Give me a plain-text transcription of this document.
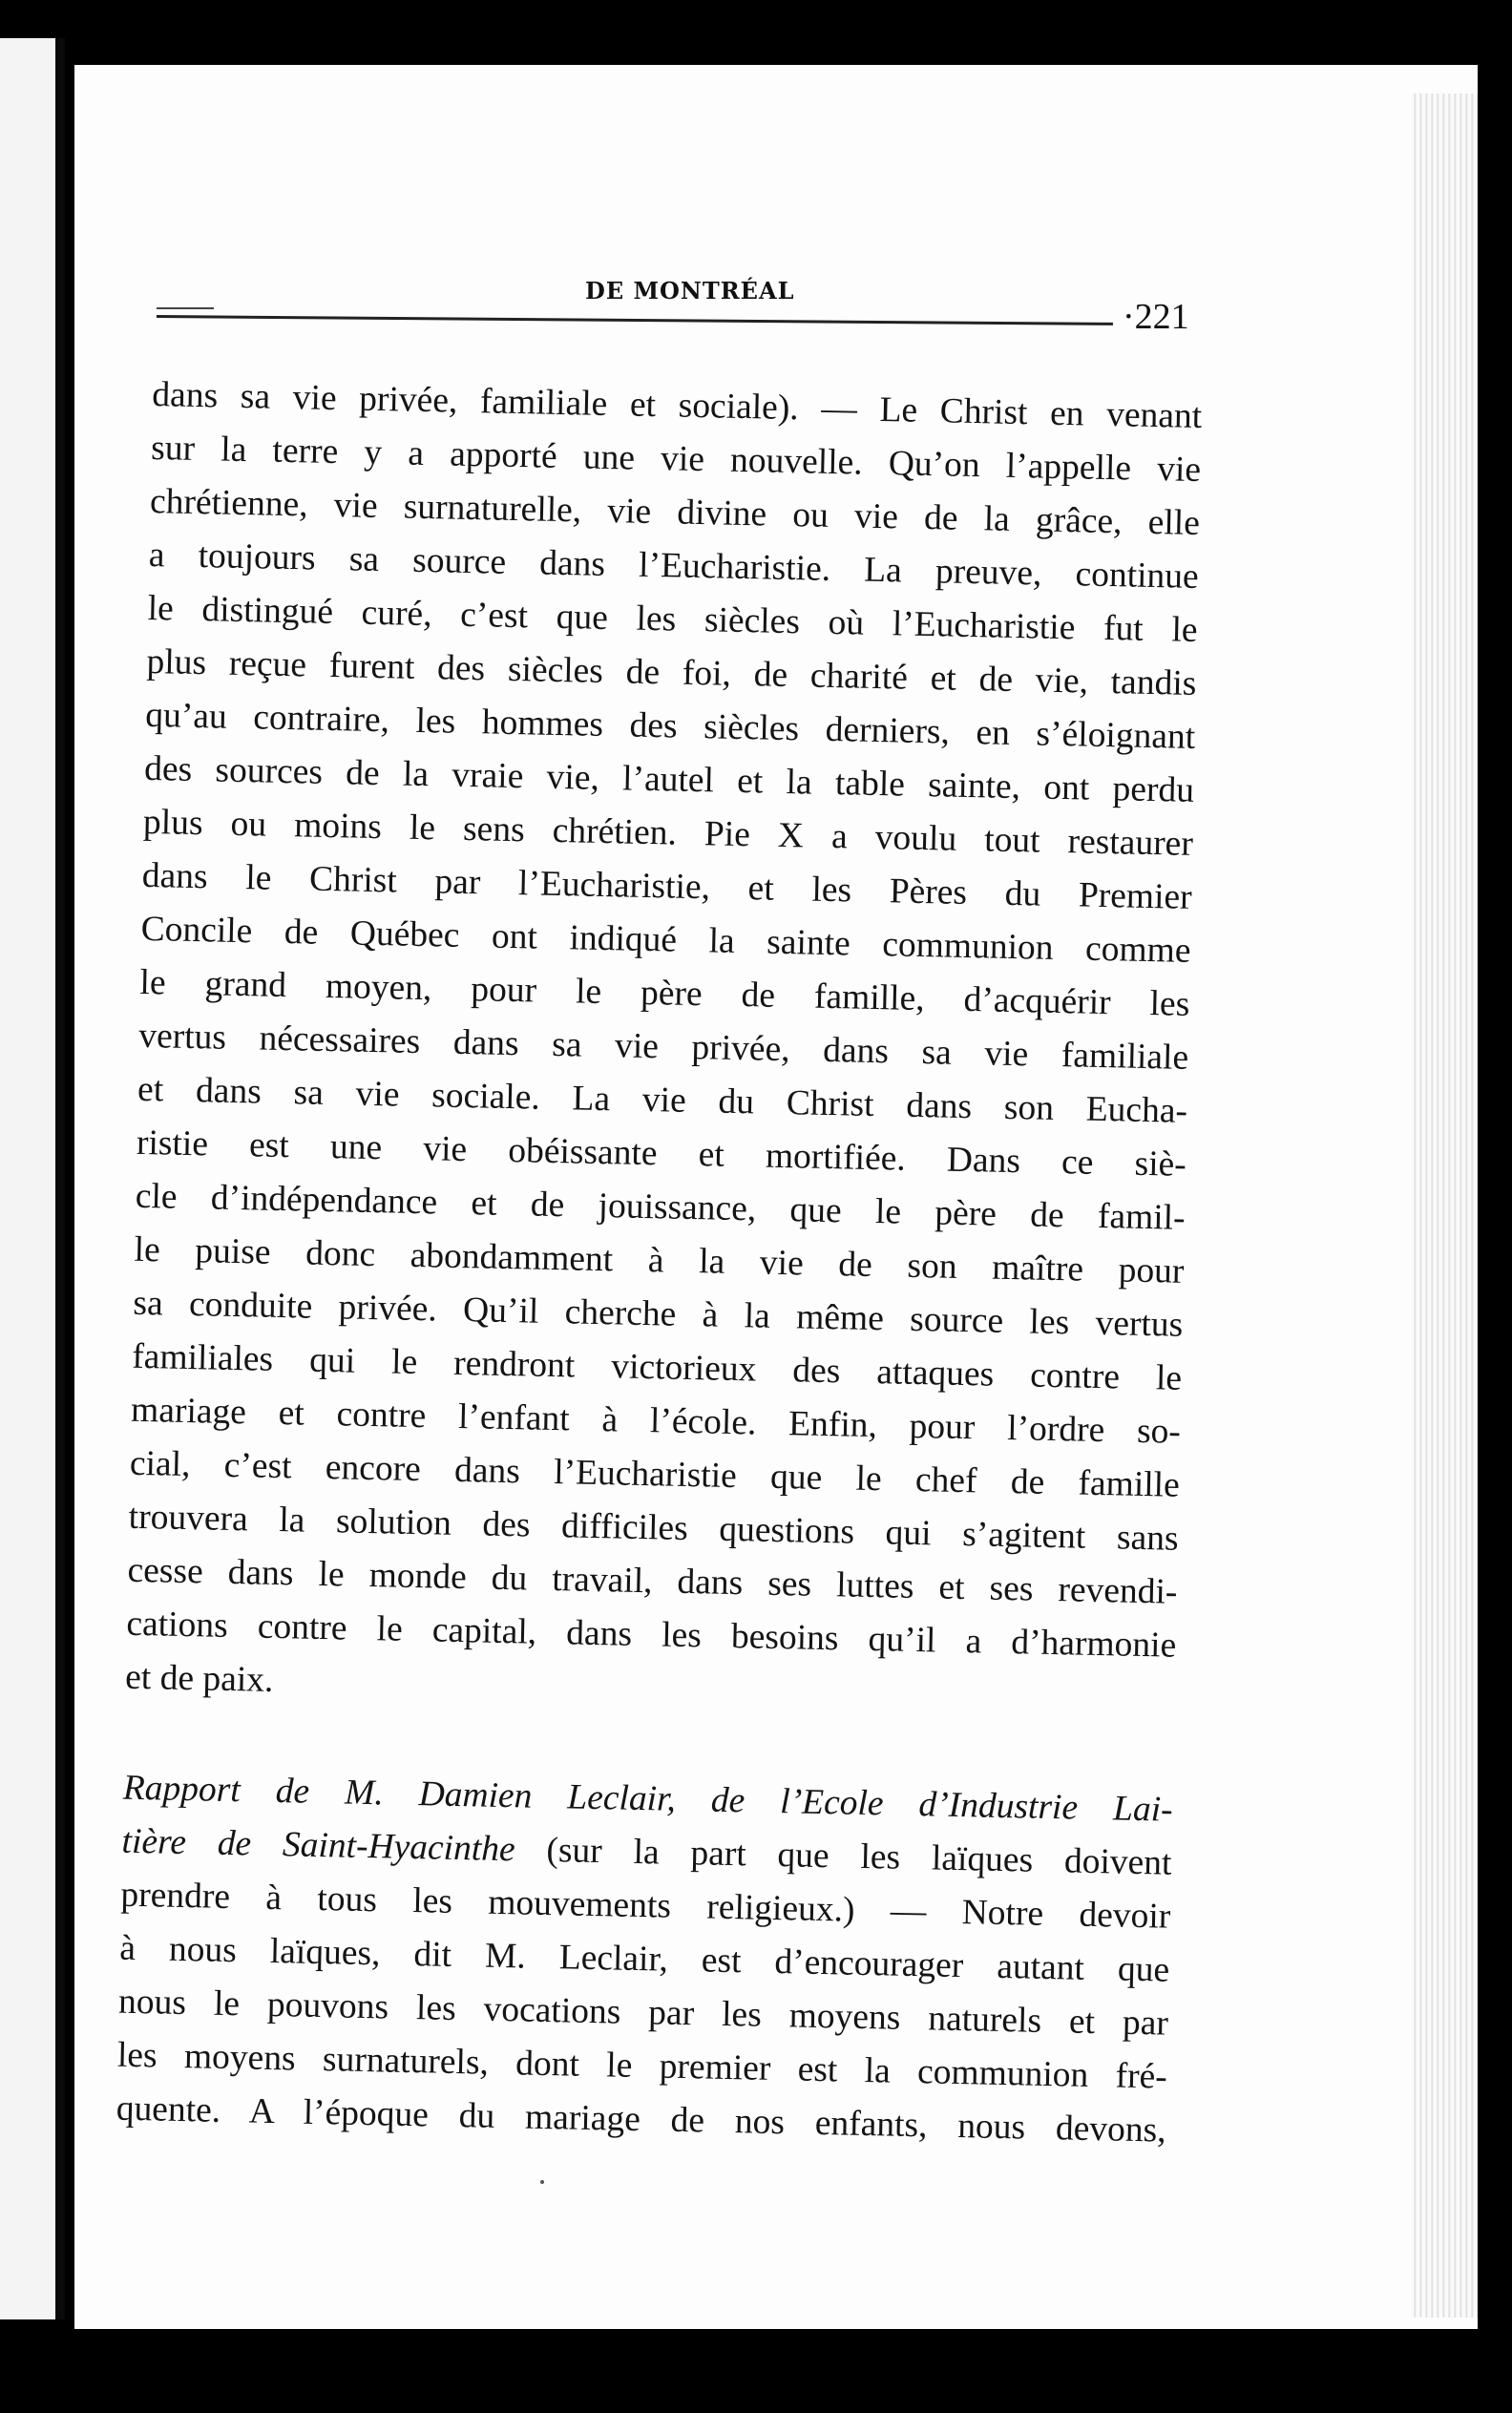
DE MONTRÉAL
· 221
dans sa vie privée, familiale et sociale). — Le Christ en venant
sur la terre y a apporté une vie nouvelle. Qu’on l’appelle vie
chrétienne, vie surnaturelle, vie divine ou vie de la grâce, elle
a toujours sa source dans l’Eucharistie. La preuve, continue
le distingué curé, c’est que les siècles où l’Eucharistie fut le
plus reçue furent des siècles de foi, de charité et de vie, tandis
qu’au contraire, les hommes des siècles derniers, en s’éloignant
des sources de la vraie vie, l’autel et la table sainte, ont perdu
plus ou moins le sens chrétien. Pie X a voulu tout restaurer
dans le Christ par l’Eucharistie, et les Pères du Premier
Concile de Québec ont indiqué la sainte communion comme
le grand moyen, pour le père de famille, d’acquérir les
vertus nécessaires dans sa vie privée, dans sa vie familiale
et dans sa vie sociale. La vie du Christ dans son Eucha-
ristie est une vie obéissante et mortifiée. Dans ce siè-
cle d’indépendance et de jouissance, que le père de famil-
le puise donc abondamment à la vie de son maître pour
sa conduite privée. Qu’il cherche à la même source les vertus
familiales qui le rendront victorieux des attaques contre le
mariage et contre l’enfant à l’école. Enfin, pour l’ordre so-
cial, c’est encore dans l’Eucharistie que le chef de famille
trouvera la solution des difficiles questions qui s’agitent sans
cesse dans le monde du travail, dans ses luttes et ses revendi-
cations contre le capital, dans les besoins qu’il a d’harmonie
et de paix.
Rapport de M. Damien Leclair, de l’Ecole d’Industrie Lai-
tière de Saint-Hyacinthe (sur la part que les laïques doivent
prendre à tous les mouvements religieux.) — Notre devoir
à nous laïques, dit M. Leclair, est d’encourager autant que
nous le pouvons les vocations par les moyens naturels et par
les moyens surnaturels, dont le premier est la communion fré-
quente. A l’époque du mariage de nos enfants, nous devons,
